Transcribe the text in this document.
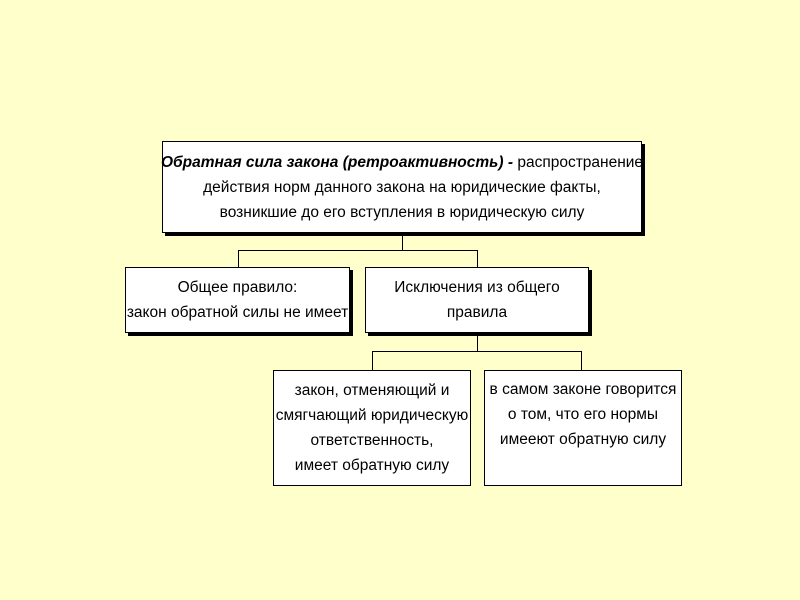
Обратная сила закона (ретроактивность) - распространение
действия норм данного закона на юридические факты,
возникшие до его вступления в юридическую силу
Общее правило:
закон обратной силы не имеет
Исключения из общего
правила
закон, отменяющий и
смягчающий юридическую
ответственность,
имеет обратную силу
в самом законе говорится
о том, что его нормы
имееют обратную силу
